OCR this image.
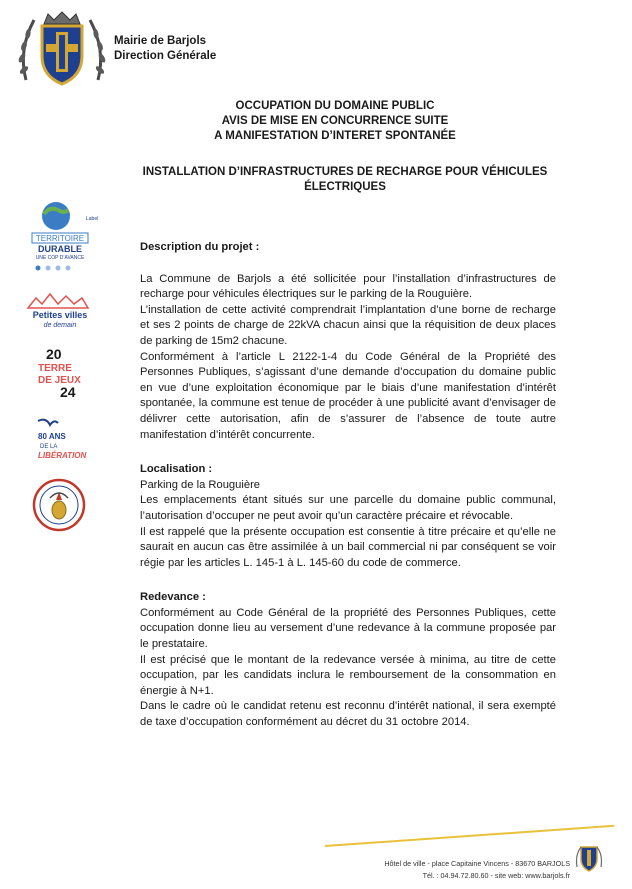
Mairie de Barjols
Direction Générale
OCCUPATION DU DOMAINE PUBLIC
AVIS DE MISE EN CONCURRENCE SUITE
A MANIFESTATION D’INTERET SPONTANÉE
INSTALLATION D’INFRASTRUCTURES DE RECHARGE POUR VÉHICULES
ÉLECTRIQUES
Label
TERRITOIRE
DURABLE
UNE COP D’AVANCE
Petites villes
de demain
20
TERRE
DE JEUX
24
80 ANS
DE LA
LIBÉRATION

Description du projet :

La Commune de Barjols a été sollicitée pour l’installation d’infrastructures de recharge pour véhicules électriques sur le parking de la Rouguière.

L’installation de cette activité comprendrait l’implantation d’une borne de recharge et ses 2 points de charge de 22kVA chacun ainsi que la réquisition de deux places de parking de 15m2 chacune.

Conformément à l’article L 2122-1-4 du Code Général de la Propriété des Personnes Publiques, s’agissant d’une demande d’occupation du domaine public en vue d’une exploitation économique par le biais d’une manifestation d’intérêt spontanée, la commune est tenue de procéder à une publicité avant d’envisager de délivrer cette autorisation, afin de s’assurer de l’absence de toute autre manifestation d’intérêt concurrente.

Localisation :

Parking de la Rouguière

Les emplacements étant situés sur une parcelle du domaine public communal, l’autorisation d’occuper ne peut avoir qu’un caractère précaire et révocable.

Il est rappelé que la présente occupation est consentie à titre précaire et qu’elle ne saurait en aucun cas être assimilée à un bail commercial ni par conséquent se voir régie par les articles L. 145-1 à L. 145-60 du code de commerce.

Redevance :

Conformément au Code Général de la propriété des Personnes Publiques, cette occupation donne lieu au versement d’une redevance à la commune proposée par le prestataire.

Il est précisé que le montant de la redevance versée à minima, au titre de cette occupation, par les candidats inclura le remboursement de la consommation en énergie à N+1.

Dans le cadre où le candidat retenu est reconnu d’intérêt national, il sera exempté de taxe d’occupation conformément au décret du 31 octobre 2014.

Hôtel de ville - place Capitaine Vincens - 83670 BARJOLS
Tél. : 04.94.72.80.60 - site web: www.barjols.fr
